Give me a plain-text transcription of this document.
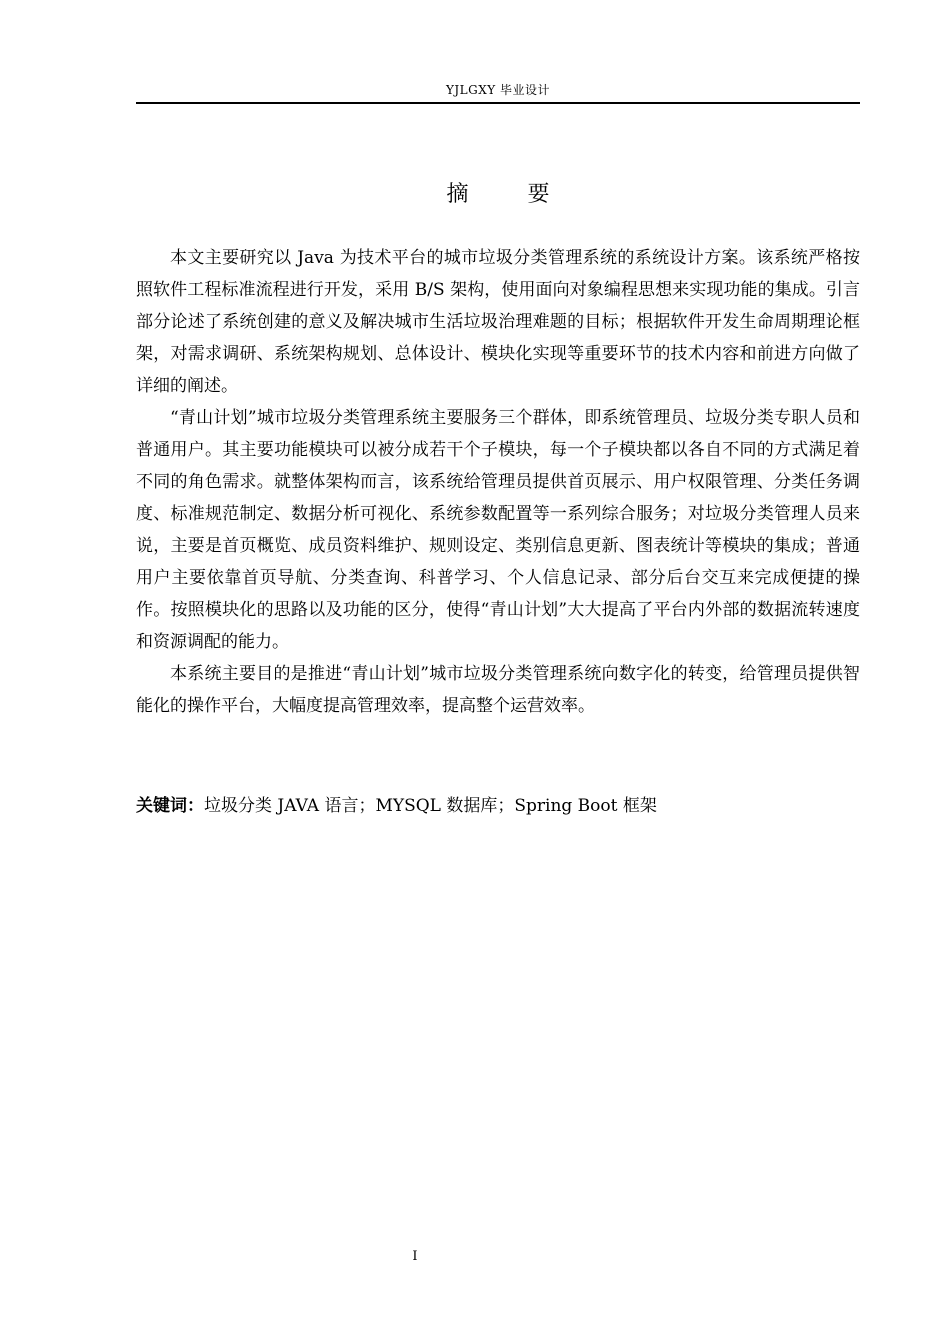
YJLGXY 毕业设计
摘 要

本文主要研究以 Java 为技术平台的城市垃圾分类管理系统的系统设计方案。该系统严格按照软件工程标准流程进行开发，采用 B/S 架构，使用面向对象编程思想来实现功能的集成。引言部分论述了系统创建的意义及解决城市生活垃圾治理难题的目标；根据软件开发生命周期理论框架，对需求调研、系统架构规划、总体设计、模块化实现等重要环节的技术内容和前进方向做了详细的阐述。

“青山计划”城市垃圾分类管理系统主要服务三个群体，即系统管理员、垃圾分类专职人员和普通用户。其主要功能模块可以被分成若干个子模块，每一个子模块都以各自不同的方式满足着不同的角色需求。就整体架构而言，该系统给管理员提供首页展示、用户权限管理、分类任务调度、标准规范制定、数据分析可视化、系统参数配置等一系列综合服务；对垃圾分类管理人员来说，主要是首页概览、成员资料维护、规则设定、类别信息更新、图表统计等模块的集成；普通用户主要依靠首页导航、分类查询、科普学习、个人信息记录、部分后台交互来完成便捷的操作。按照模块化的思路以及功能的区分，使得“青山计划”大大提高了平台内外部的数据流转速度和资源调配的能力。

本系统主要目的是推进“青山计划”城市垃圾分类管理系统向数字化的转变，给管理员提供智能化的操作平台，大幅度提高管理效率，提高整个运营效率。

关键词：垃圾分类 JAVA 语言；MYSQL 数据库；Spring Boot 框架
I
